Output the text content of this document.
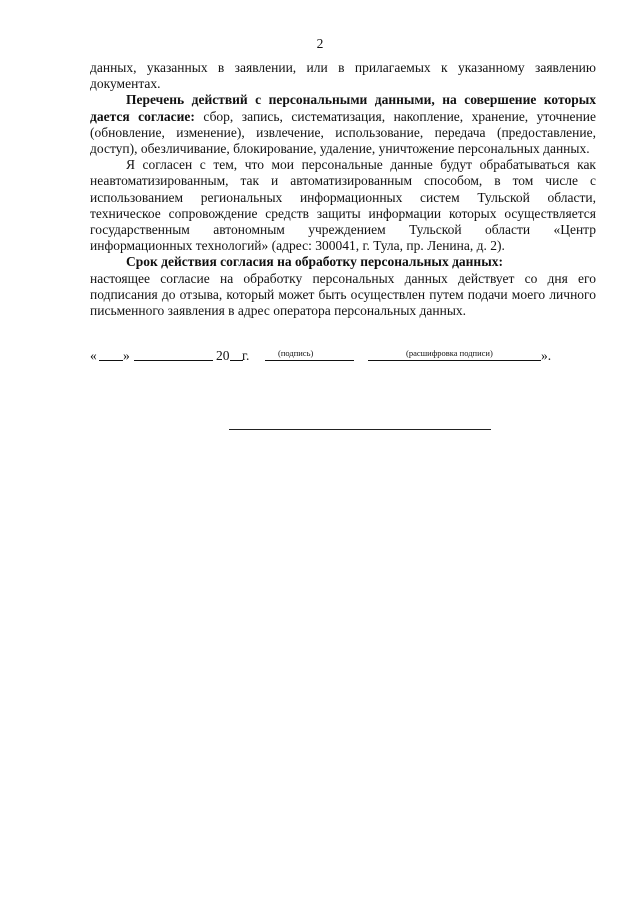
2

данных, указанных в заявлении, или в прилагаемых к указанному заявлению документах.

Перечень действий с персональными данными, на совершение которых дается согласие: сбор, запись, систематизация, накопление, хранение, уточнение (обновление, изменение), извлечение, использование, передача (предоставление, доступ), обезличивание, блокирование, удаление, уничтожение персональных данных.

Я согласен с тем, что мои персональные данные будут обрабатываться как неавтоматизированным, так и автоматизированным способом, в том числе с использованием региональных информационных систем Тульской области, техническое сопровождение средств защиты информации которых осуществляется государственным автономным учреждением Тульской области «Центр информационных технологий» (адрес: 300041, г. Тула, пр. Ленина, д. 2).

Срок действия согласия на обработку персональных данных:

настоящее согласие на обработку персональных данных действует со дня его подписания до отзыва, который может быть осуществлен путем подачи моего личного письменного заявления в адрес оператора персональных данных.

« »	20 г.	».
(подпись)	(расшифровка подписи)
